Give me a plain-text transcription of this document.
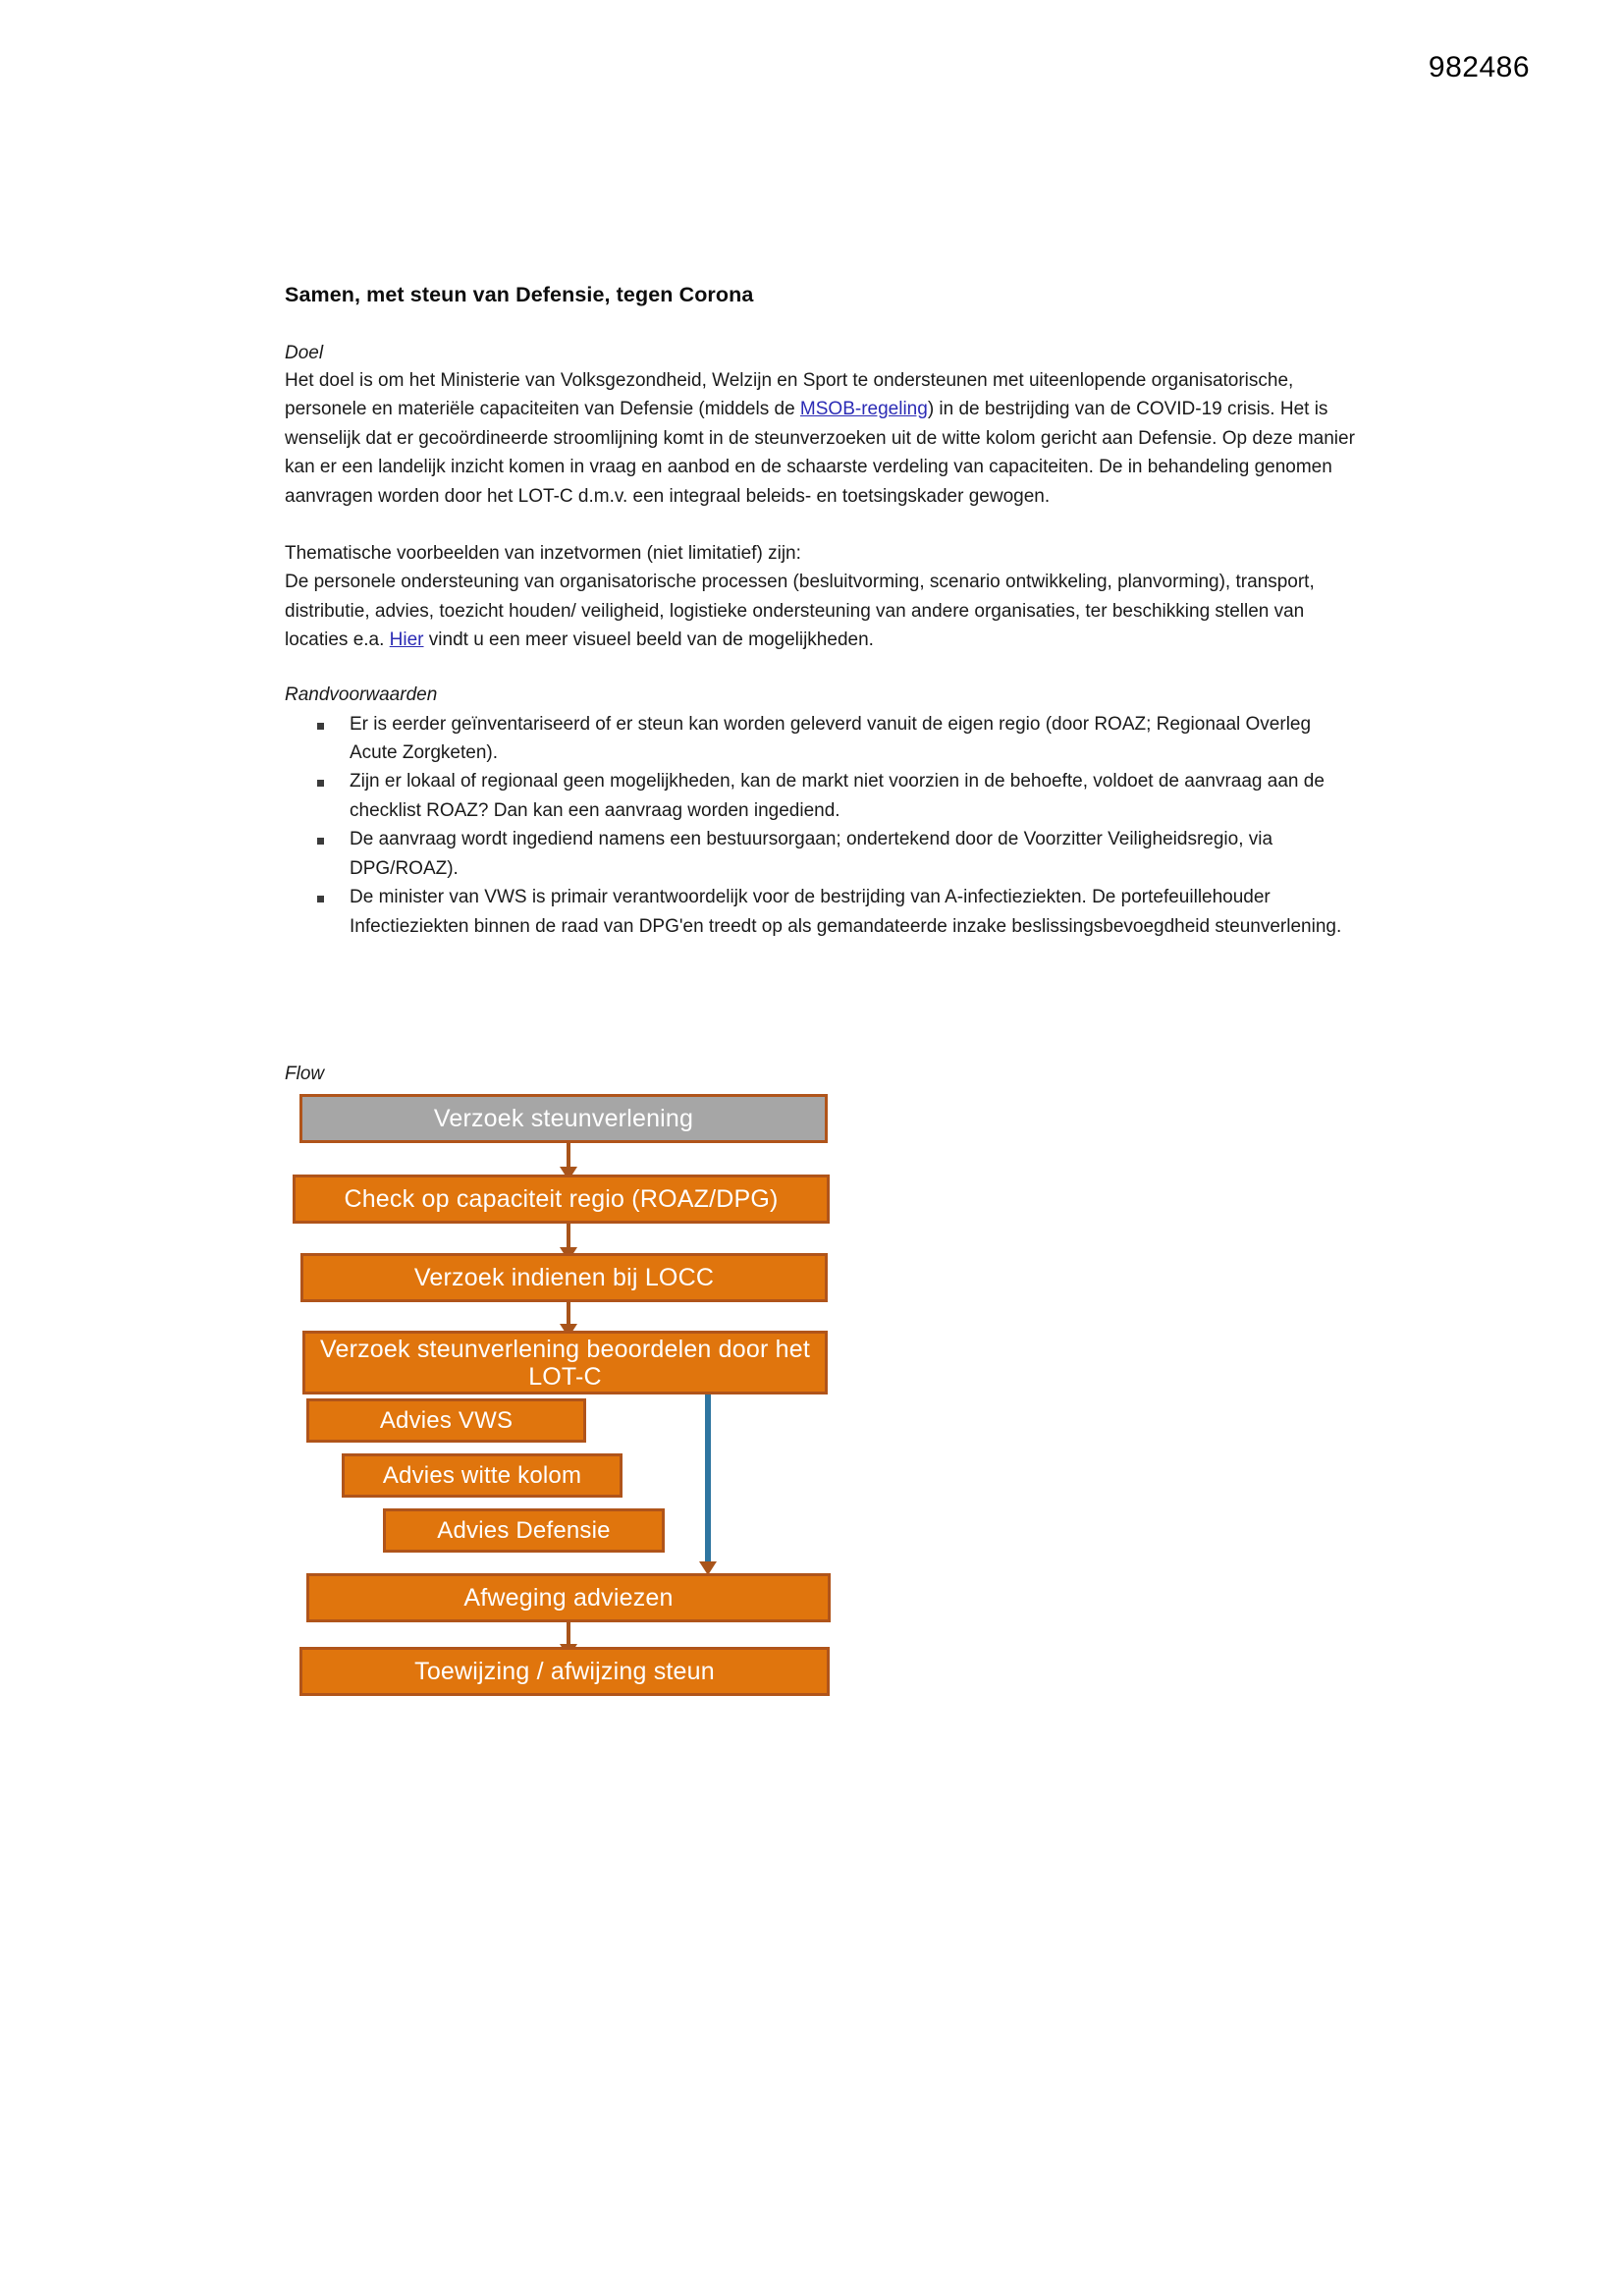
982486
Samen, met steun van Defensie, tegen Corona
Doel

Het doel is om het Ministerie van Volksgezondheid, Welzijn en Sport te ondersteunen met uiteenlopende organisatorische, personele en materiële capaciteiten van Defensie (middels de MSOB-regeling) in de bestrijding van de COVID-19 crisis. Het is wenselijk dat er gecoördineerde stroomlijning komt in de steunverzoeken uit de witte kolom gericht aan Defensie. Op deze manier kan er een landelijk inzicht komen in vraag en aanbod en de schaarste verdeling van capaciteiten. De in behandeling genomen aanvragen worden door het LOT-C d.m.v. een integraal beleids- en toetsingskader gewogen.

Thematische voorbeelden van inzetvormen (niet limitatief) zijn:

De personele ondersteuning van organisatorische processen (besluitvorming, scenario ontwikkeling, planvorming), transport, distributie, advies, toezicht houden/ veiligheid, logistieke ondersteuning van andere organisaties, ter beschikking stellen van locaties e.a. Hier vindt u een meer visueel beeld van de mogelijkheden.

Randvoorwaarden
Er is eerder geïnventariseerd of er steun kan worden geleverd vanuit de eigen regio (door ROAZ; Regionaal Overleg Acute Zorgketen).
Zijn er lokaal of regionaal geen mogelijkheden, kan de markt niet voorzien in de behoefte, voldoet de aanvraag aan de checklist ROAZ? Dan kan een aanvraag worden ingediend.
De aanvraag wordt ingediend namens een bestuursorgaan; ondertekend door de Voorzitter Veiligheidsregio, via DPG/ROAZ).
De minister van VWS is primair verantwoordelijk voor de bestrijding van A-infectieziekten. De portefeuillehouder Infectieziekten binnen de raad van DPG'en treedt op als gemandateerde inzake beslissingsbevoegdheid steunverlening.
Flow
Verzoek steunverlening
Check op capaciteit regio (ROAZ/DPG)
Verzoek indienen bij LOCC
Verzoek steunverlening beoordelen door het LOT-C
Advies VWS
Advies witte kolom
Advies Defensie
Afweging adviezen
Toewijzing / afwijzing steun
